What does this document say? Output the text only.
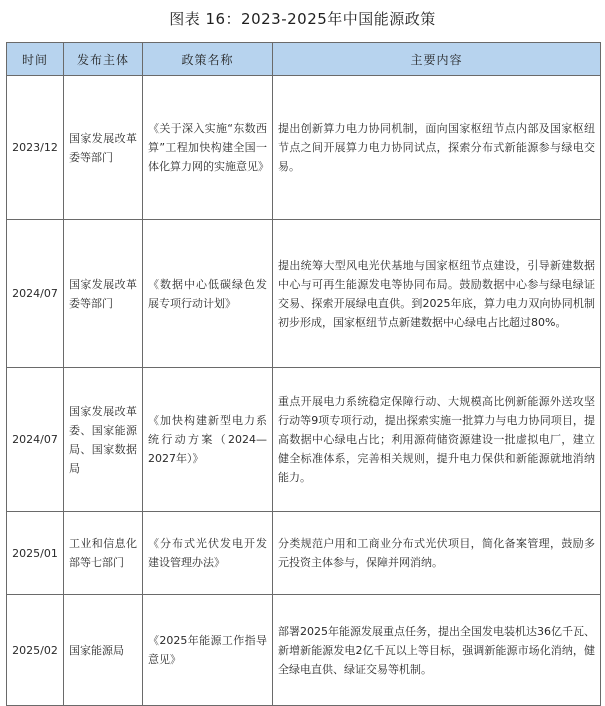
图表 16：2023-2025年中国能源政策
时间	发布主体	政策名称	主要内容
2023/12	国家发展改革委等部门	《关于深入实施“东数西算”工程加快构建全国一体化算力网的实施意见》	提出创新算力电力协同机制，面向国家枢纽节点内部及国家枢纽节点之间开展算力电力协同试点，探索分布式新能源参与绿电交易。
2024/07	国家发展改革委等部门	《数据中心低碳绿色发展专项行动计划》	提出统筹大型风电光伏基地与国家枢纽节点建设，引导新建数据中心与可再生能源发电等协同布局。鼓励数据中心参与绿电绿证交易、探索开展绿电直供。到2025年底，算力电力双向协同机制初步形成，国家枢纽节点新建数据中心绿电占比超过80%。
2024/07	国家发展改革委、国家能源局、国家数据局	《加快构建新型电力系统行动方案（2024—2027年）》	重点开展电力系统稳定保障行动、大规模高比例新能源外送攻坚行动等9项专项行动，提出探索实施一批算力与电力协同项目，提高数据中心绿电占比；利用源荷储资源建设一批虚拟电厂，建立健全标准体系，完善相关规则，提升电力保供和新能源就地消纳能力。
2025/01	工业和信息化部等七部门	《分布式光伏发电开发建设管理办法》	分类规范户用和工商业分布式光伏项目，简化备案管理，鼓励多元投资主体参与，保障并网消纳。
2025/02	国家能源局	《2025年能源工作指导意见》	部署2025年能源发展重点任务，提出全国发电装机达36亿千瓦、新增新能源发电2亿千瓦以上等目标，强调新能源市场化消纳，健全绿电直供、绿证交易等机制。
